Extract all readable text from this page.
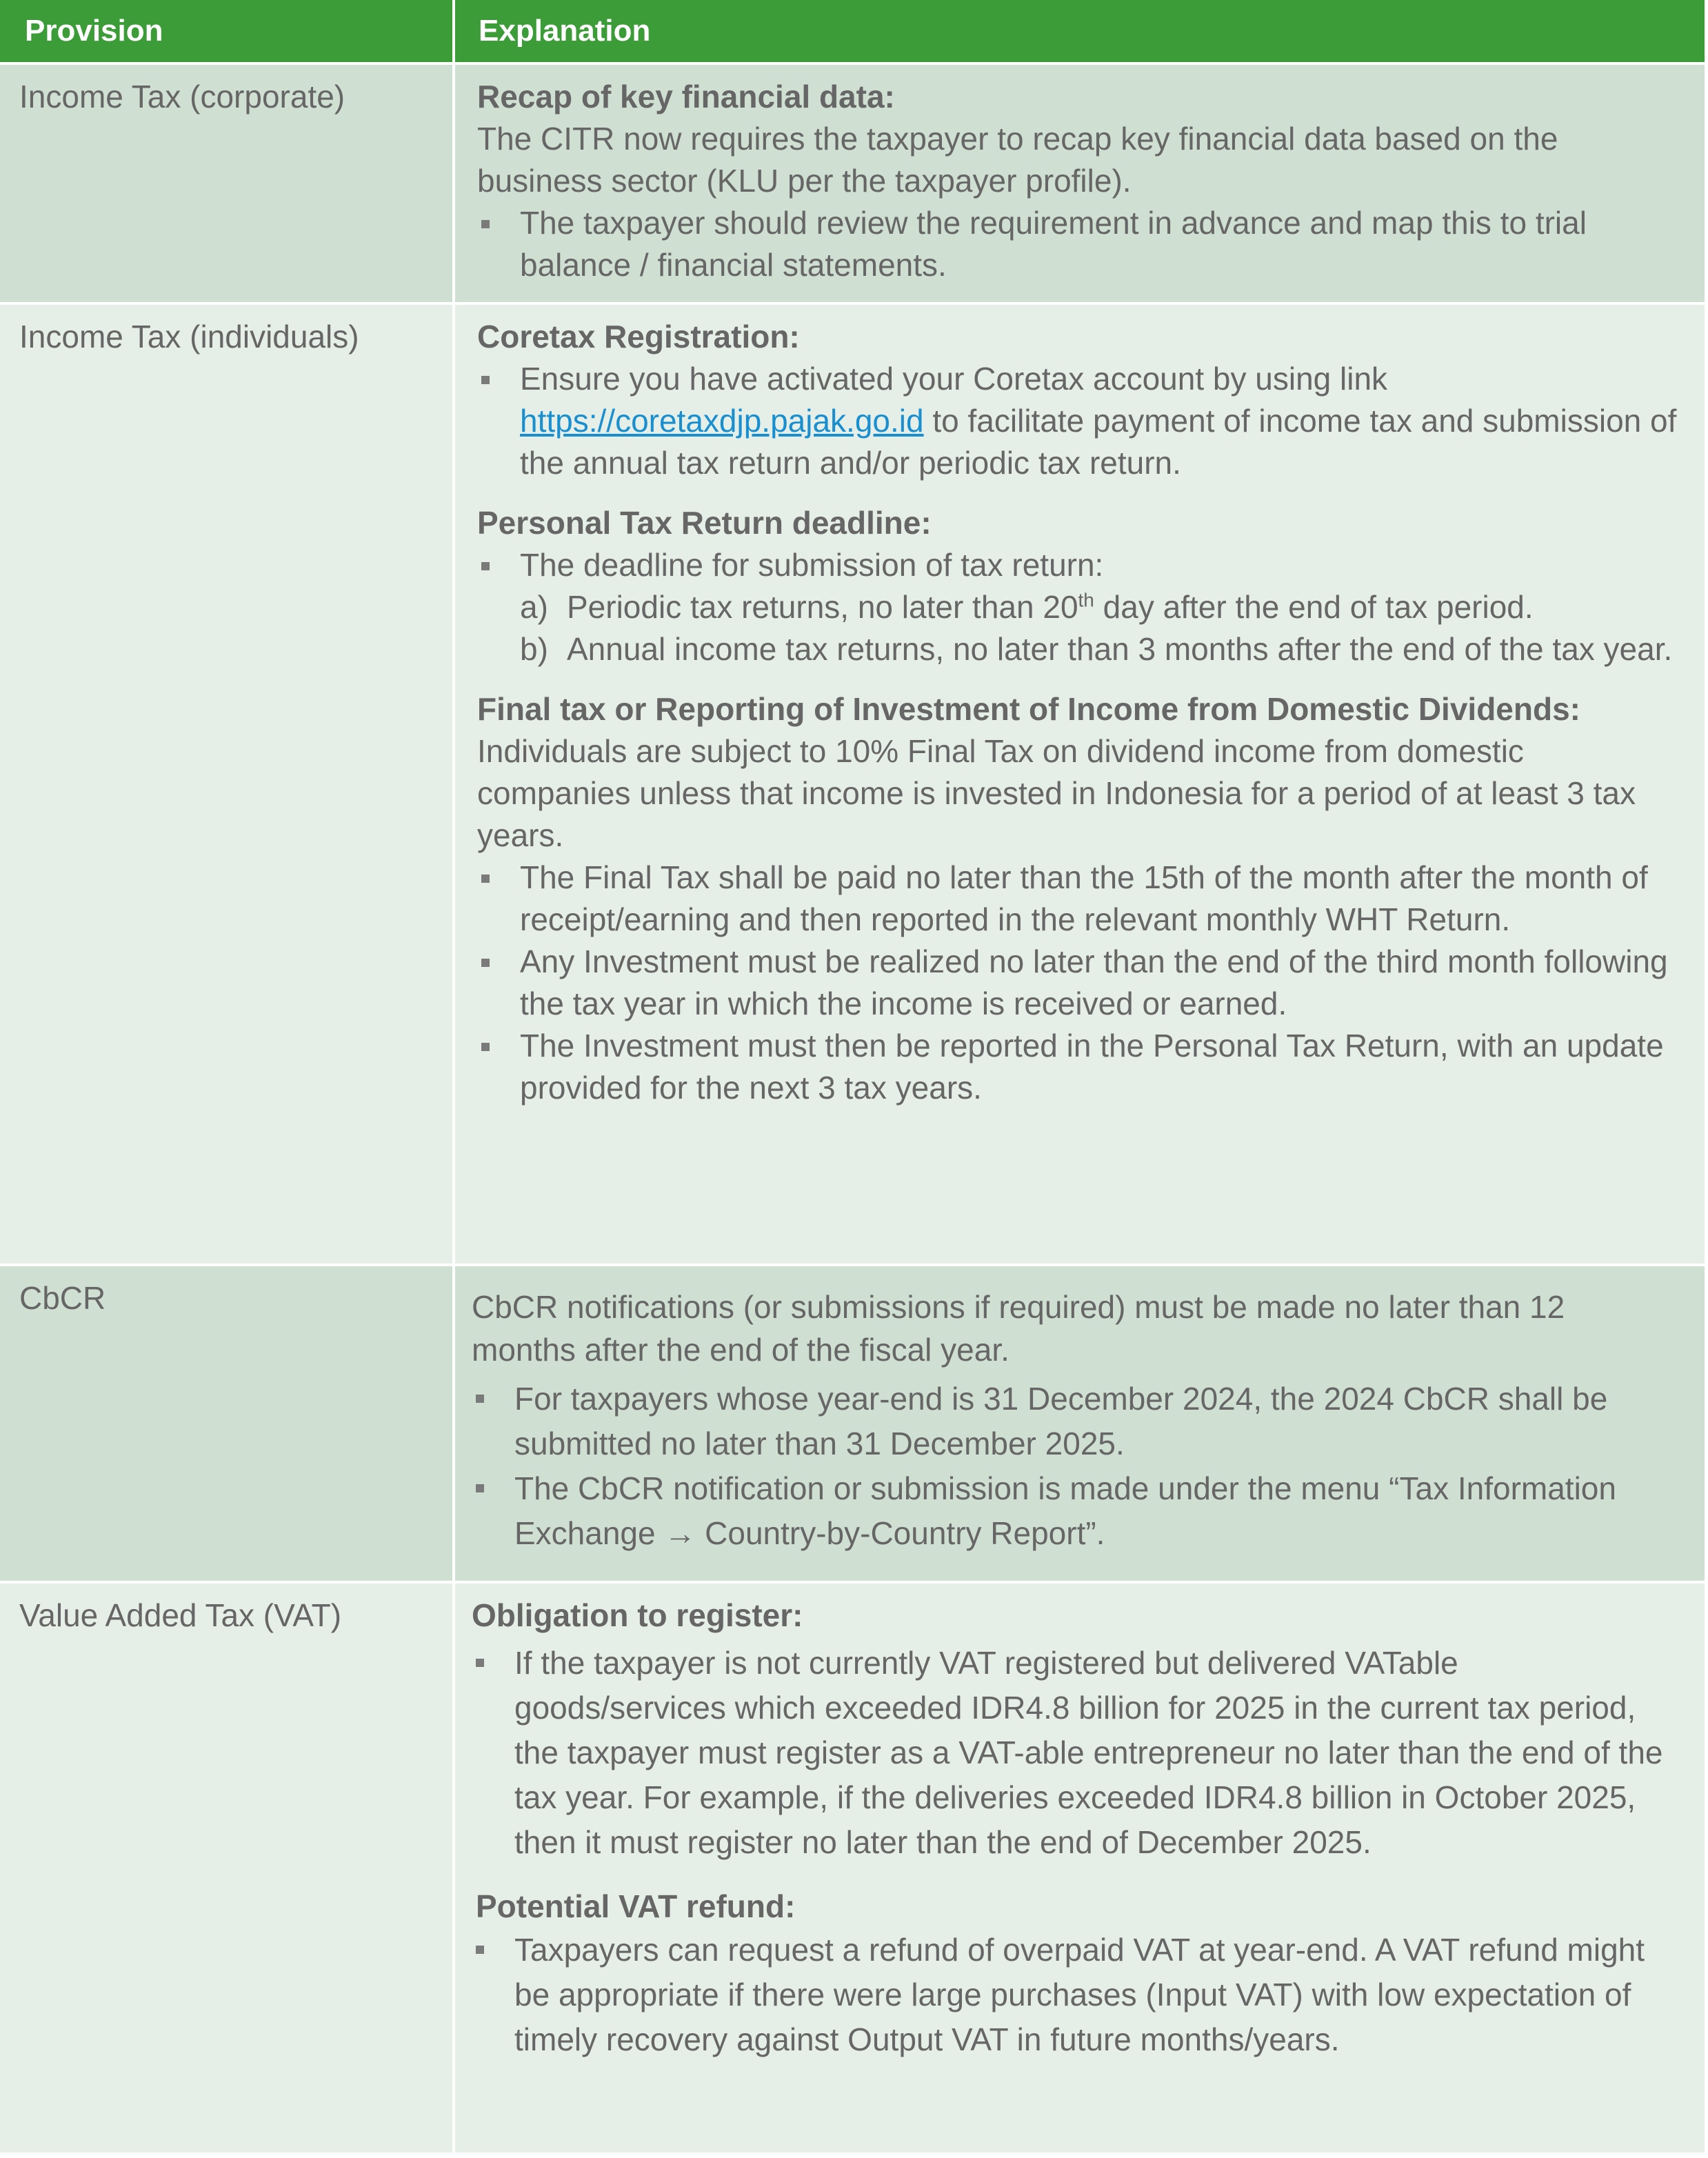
Provision	Explanation
Income Tax (corporate)	Recap of key financial data:
The CITR now requires the taxpayer to recap key financial data based on the business sector (KLU per the taxpayer profile).
The taxpayer should review the requirement in advance and map this to trial balance / financial statements.
Income Tax (individuals)	Coretax Registration:
Ensure you have activated your Coretax account by using link https://coretaxdjp.pajak.go.id to facilitate payment of income tax and submission of the annual tax return and/or periodic tax return.
Personal Tax Return deadline:
The deadline for submission of tax return:
a) Periodic tax returns, no later than 20th day after the end of tax period.
b) Annual income tax returns, no later than 3 months after the end of the tax year.
Final tax or Reporting of Investment of Income from Domestic Dividends:
Individuals are subject to 10% Final Tax on dividend income from domestic companies unless that income is invested in Indonesia for a period of at least 3 tax years.
The Final Tax shall be paid no later than the 15th of the month after the month of receipt/earning and then reported in the relevant monthly WHT Return.
Any Investment must be realized no later than the end of the third month following the tax year in which the income is received or earned.
The Investment must then be reported in the Personal Tax Return, with an update provided for the next 3 tax years.
CbCR	CbCR notifications (or submissions if required) must be made no later than 12 months after the end of the fiscal year.
For taxpayers whose year-end is 31 December 2024, the 2024 CbCR shall be submitted no later than 31 December 2025.
The CbCR notification or submission is made under the menu “Tax Information Exchange → Country-by-Country Report”.
Value Added Tax (VAT)	Obligation to register:
If the taxpayer is not currently VAT registered but delivered VATable goods/services which exceeded IDR4.8 billion for 2025 in the current tax period, the taxpayer must register as a VAT-able entrepreneur no later than the end of the tax year. For example, if the deliveries exceeded IDR4.8 billion in October 2025, then it must register no later than the end of December 2025.
Potential VAT refund:
Taxpayers can request a refund of overpaid VAT at year-end. A VAT refund might be appropriate if there were large purchases (Input VAT) with low expectation of timely recovery against Output VAT in future months/years.
